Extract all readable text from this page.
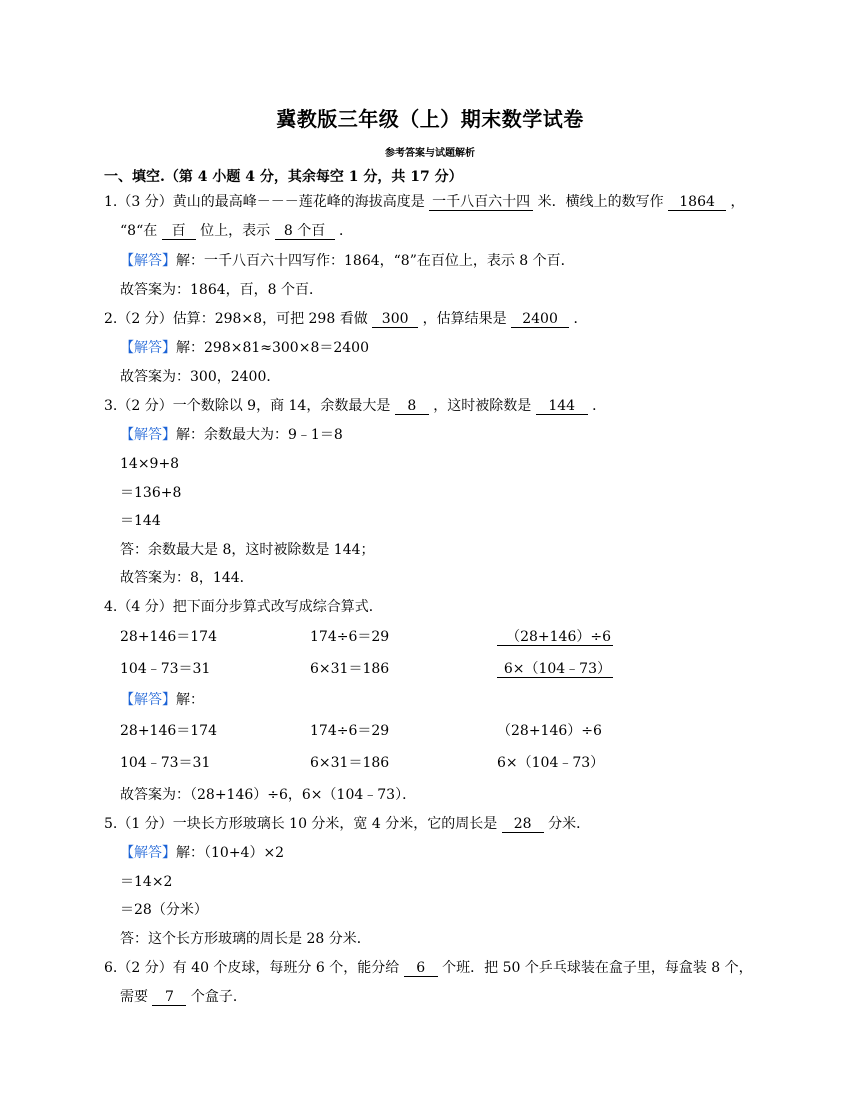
冀教版三年级（上）期末数学试卷
参考答案与试题解析
一、填空.（第 4 小题 4 分，其余每空 1 分，共 17 分）
1.（3 分）黄山的最高峰－－－莲花峰的海拔高度是 一千八百六十四 米．横线上的数写作 1864 ，
“8“在 百 位上，表示 8 个百 ．
【解答】解：一千八百六十四写作：1864，“8”在百位上，表示 8 个百．
故答案为：1864，百，8 个百．
2.（2 分）估算：298×8，可把 298 看做 300 ，估算结果是 2400 ．
【解答】解：298×81≈300×8＝2400
故答案为：300，2400．
3.（2 分）一个数除以 9，商 14，余数最大是 8 ，这时被除数是 144 ．
【解答】解：余数最大为：9﹣1＝8
14×9+8
＝136+8
＝144
答：余数最大是 8，这时被除数是 144；
故答案为：8，144．
4.（4 分）把下面分步算式改写成综合算式．
28+146＝174	174÷6＝29	（28+146）÷6
104﹣73＝31	6×31＝186	6×（104﹣73）
【解答】解：
28+146＝174	174÷6＝29	（28+146）÷6
104﹣73＝31	6×31＝186	6×（104﹣73）
故答案为：（28+146）÷6，6×（104﹣73）．
5.（1 分）一块长方形玻璃长 10 分米，宽 4 分米，它的周长是 28 分米．
【解答】解：（10+4）×2
＝14×2
＝28（分米）
答：这个长方形玻璃的周长是 28 分米．
6.（2 分）有 40 个皮球，每班分 6 个，能分给 6 个班．把 50 个乒乓球装在盒子里，每盒装 8 个，
需要 7 个盒子．
